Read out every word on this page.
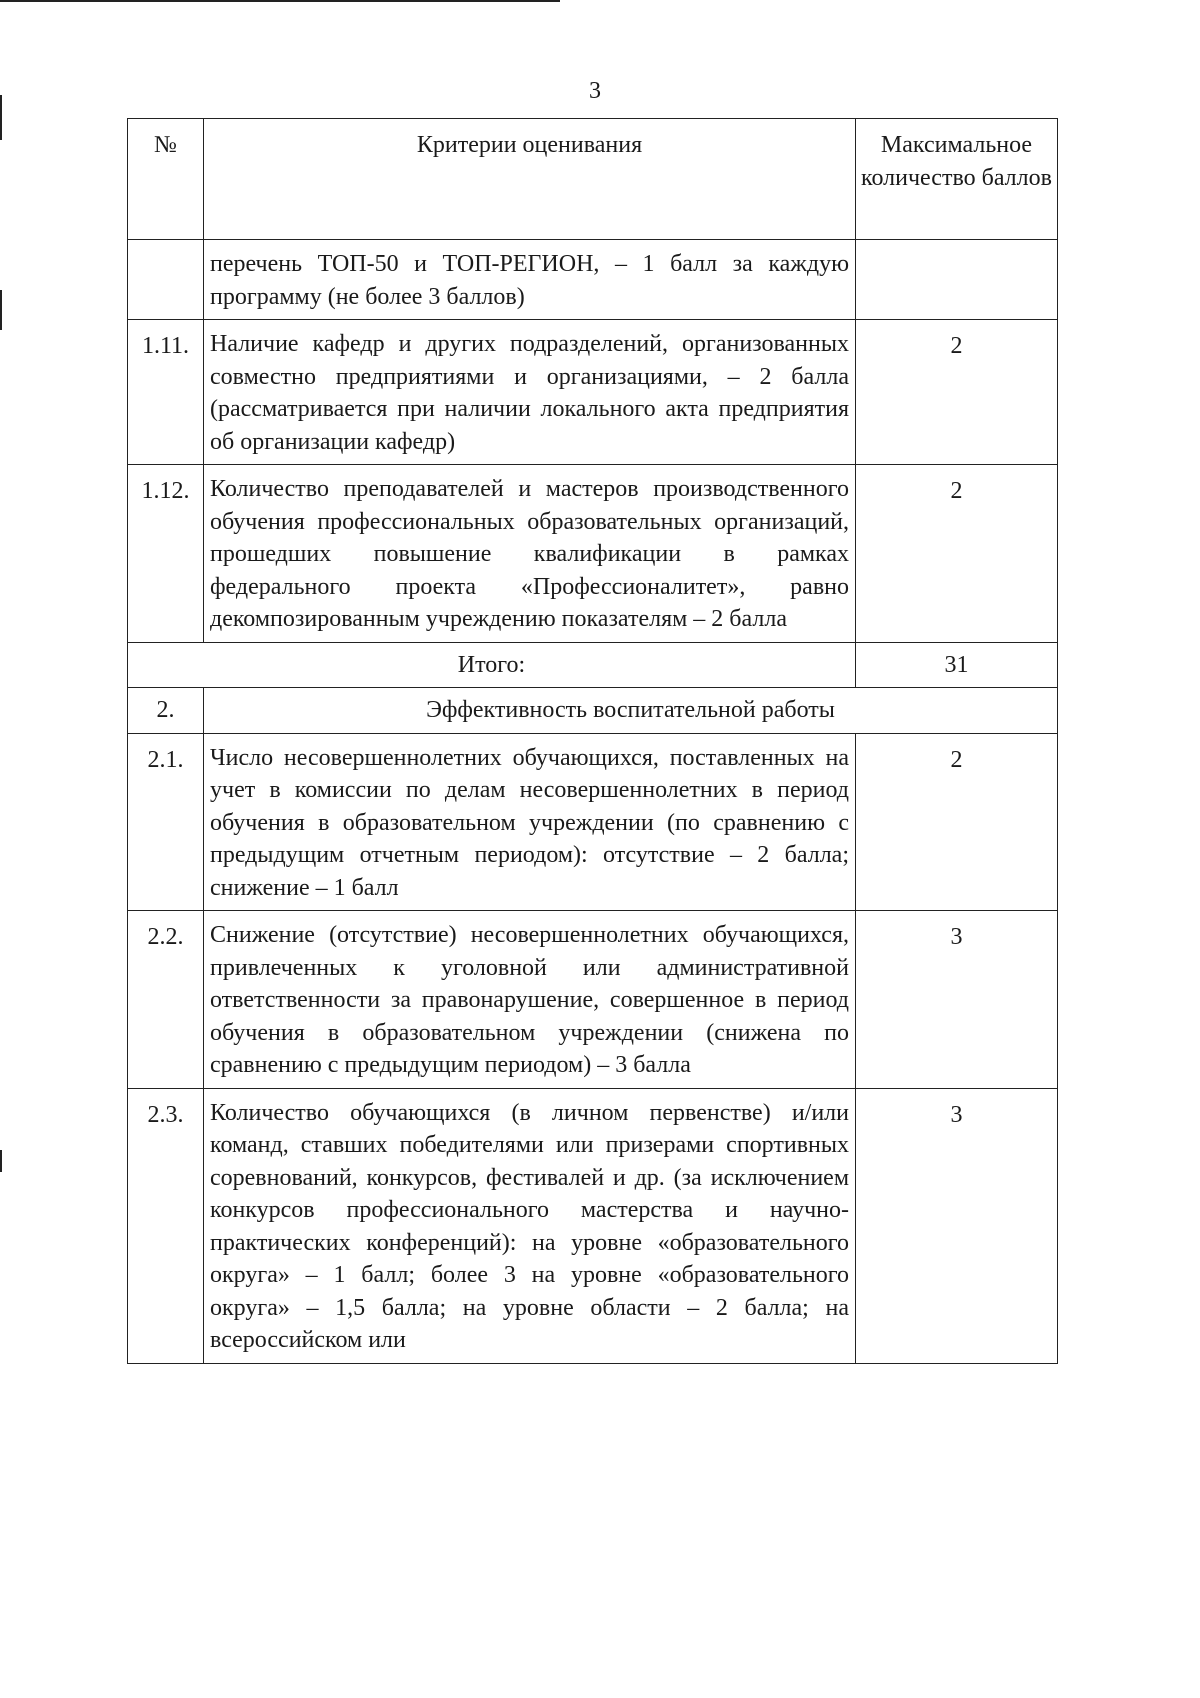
3
№	Критерии оценивания	Максимальное количество баллов
	перечень ТОП-50 и ТОП-РЕГИОН, – 1 балл за каждую программу (не более 3 баллов)	
1.11.	Наличие кафедр и других подразделений, организованных совместно предприятиями и организациями, – 2 балла (рассматривается при наличии локального акта предприятия об организации кафедр)	2
1.12.	Количество преподавателей и мастеров производственного обучения профессиональных образовательных организаций, прошедших повышение квалификации в рамках федерального проекта «Профессионалитет», равно декомпозированным учреждению показателям – 2 балла	2
Итого:		31
2.	Эффективность воспитательной работы	
2.1.	Число несовершеннолетних обучающихся, поставленных на учет в комиссии по делам несовершеннолетних в период обучения в образовательном учреждении (по сравнению с предыдущим отчетным периодом): отсутствие – 2 балла; снижение – 1 балл	2
2.2.	Снижение (отсутствие) несовершеннолетних обучающихся, привлеченных к уголовной или административной ответственности за правонарушение, совершенное в период обучения в образовательном учреждении (снижена по сравнению с предыдущим периодом) – 3 балла	3
2.3.	Количество обучающихся (в личном первенстве) и/или команд, ставших победителями или призерами спортивных соревнований, конкурсов, фестивалей и др. (за исключением конкурсов профессионального мастерства и научно-практических конференций): на уровне «образовательного округа» – 1 балл; более 3 на уровне «образовательного округа» – 1,5 балла; на уровне области – 2 балла; на всероссийском или	3
